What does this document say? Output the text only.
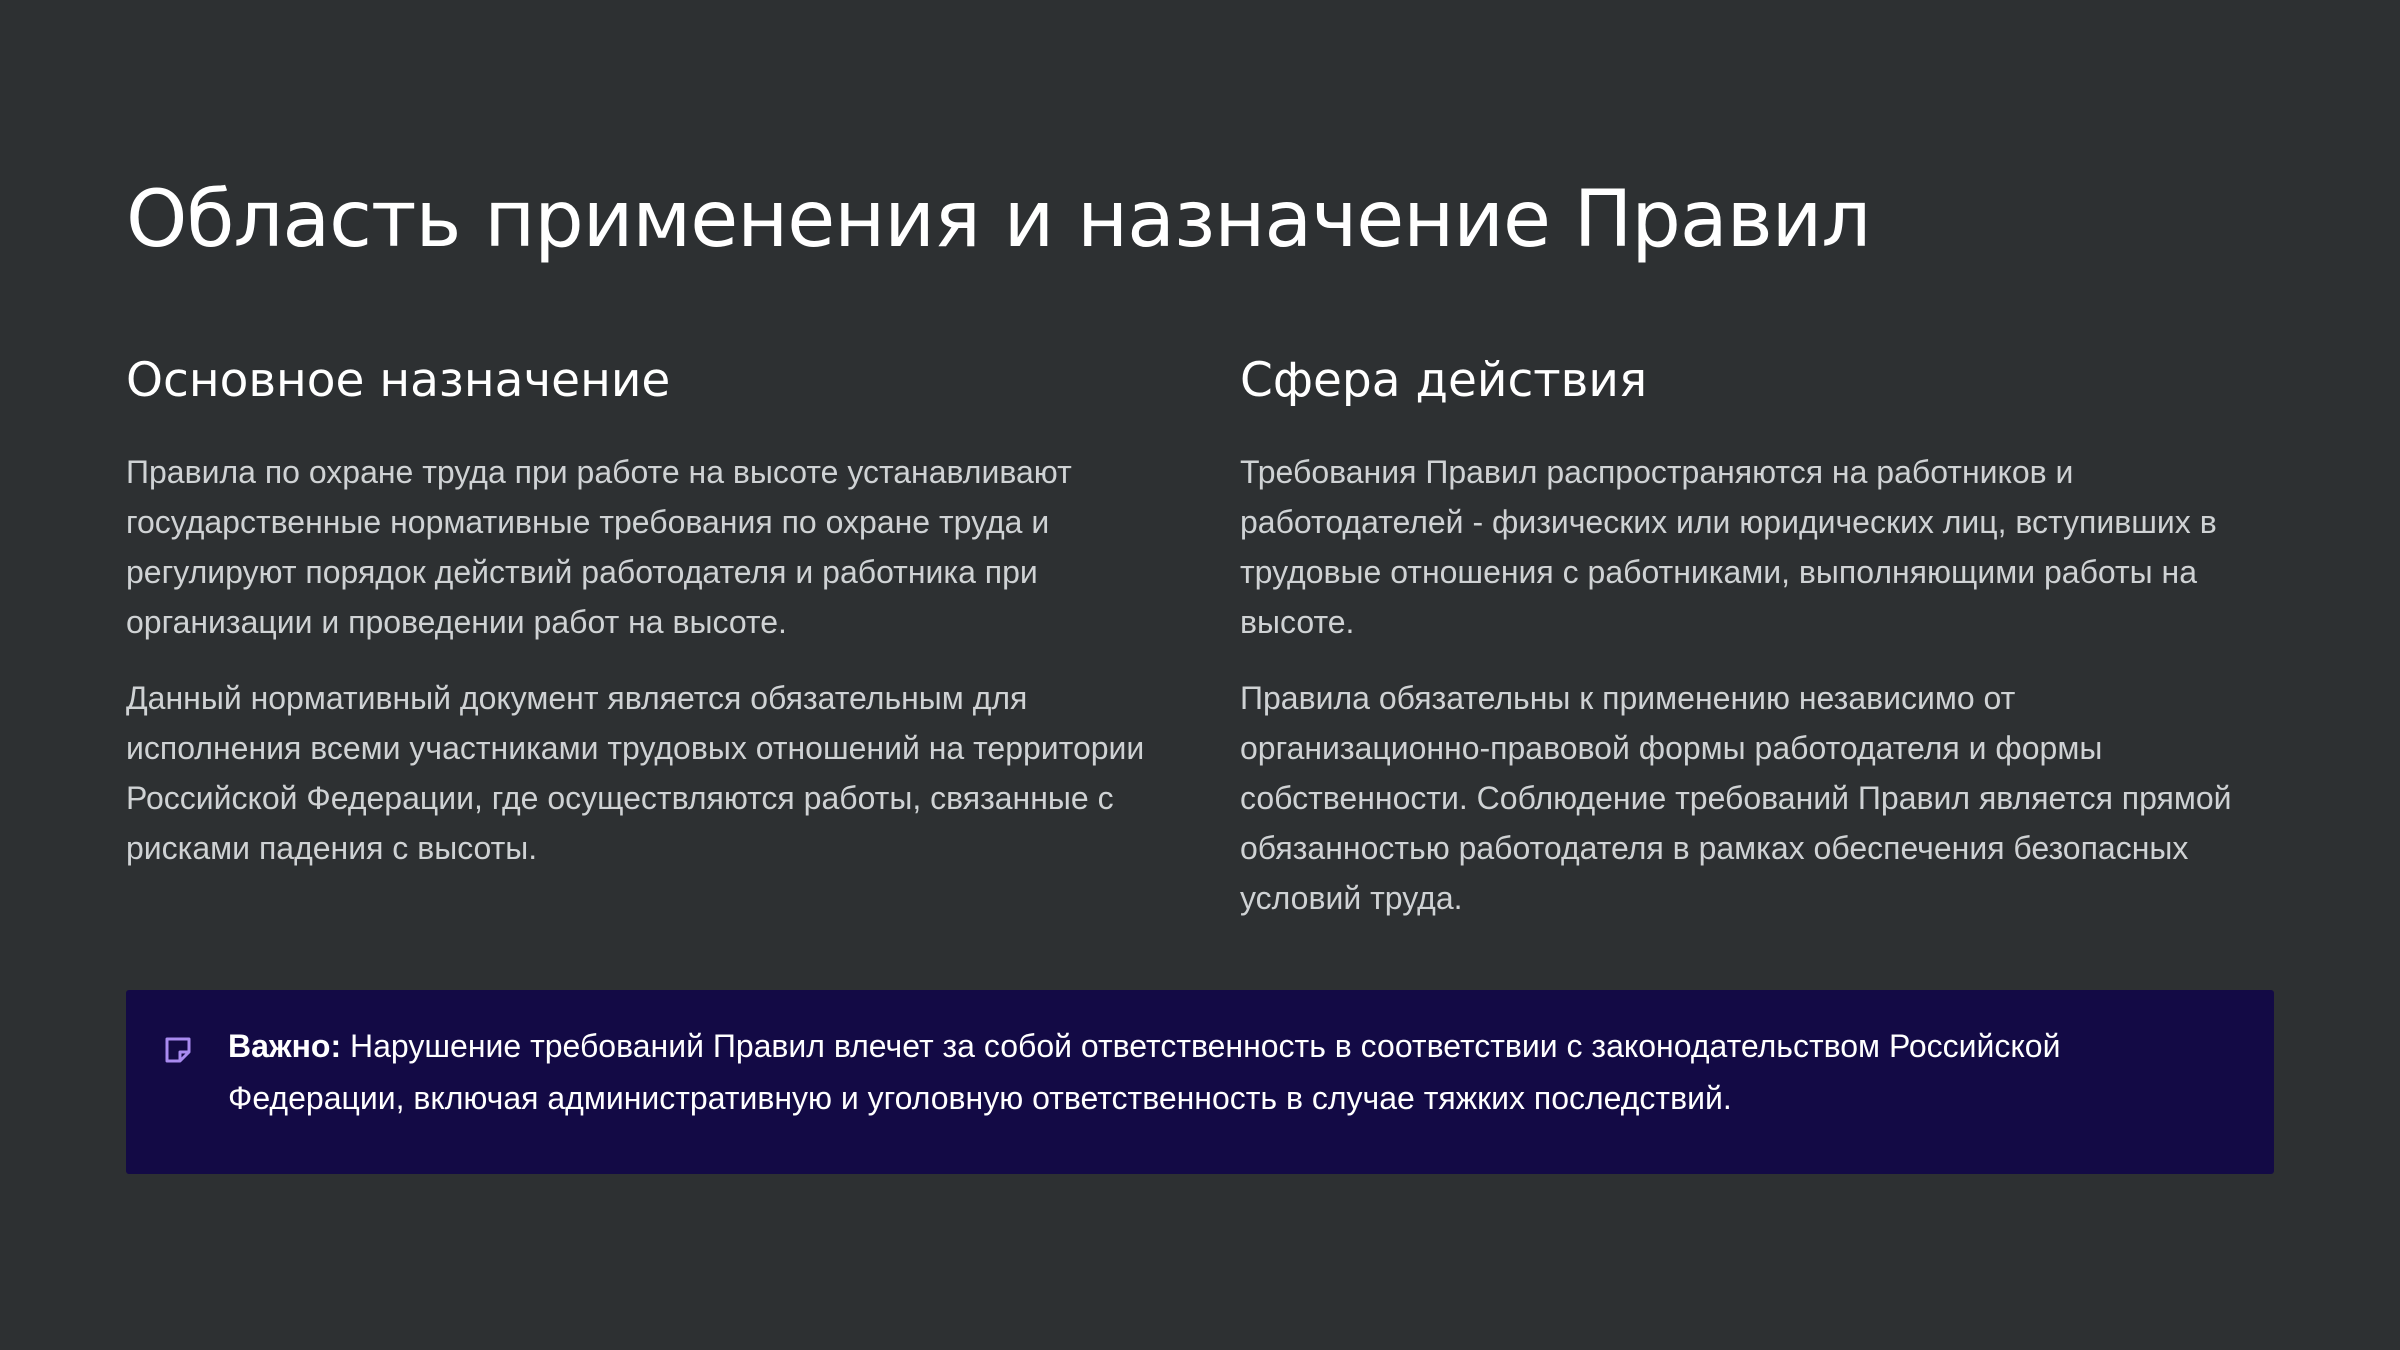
Область применения и назначение Правил
Основное назначение

Правила по охране труда при работе на высоте устанавливают государственные нормативные требования по охране труда и регулируют порядок действий работодателя и работника при организации и проведении работ на высоте.

Данный нормативный документ является обязательным для исполнения всеми участниками трудовых отношений на территории Российской Федерации, где осуществляются работы, связанные с рисками падения с высоты.

Сфера действия

Требования Правил распространяются на работников и работодателей - физических или юридических лиц, вступивших в трудовые отношения с работниками, выполняющими работы на высоте.

Правила обязательны к применению независимо от организационно-правовой формы работодателя и формы собственности. Соблюдение требований Правил является прямой обязанностью работодателя в рамках обеспечения безопасных условий труда.

Важно: Нарушение требований Правил влечет за собой ответственность в соответствии с законодательством Российской Федерации, включая административную и уголовную ответственность в случае тяжких последствий.
